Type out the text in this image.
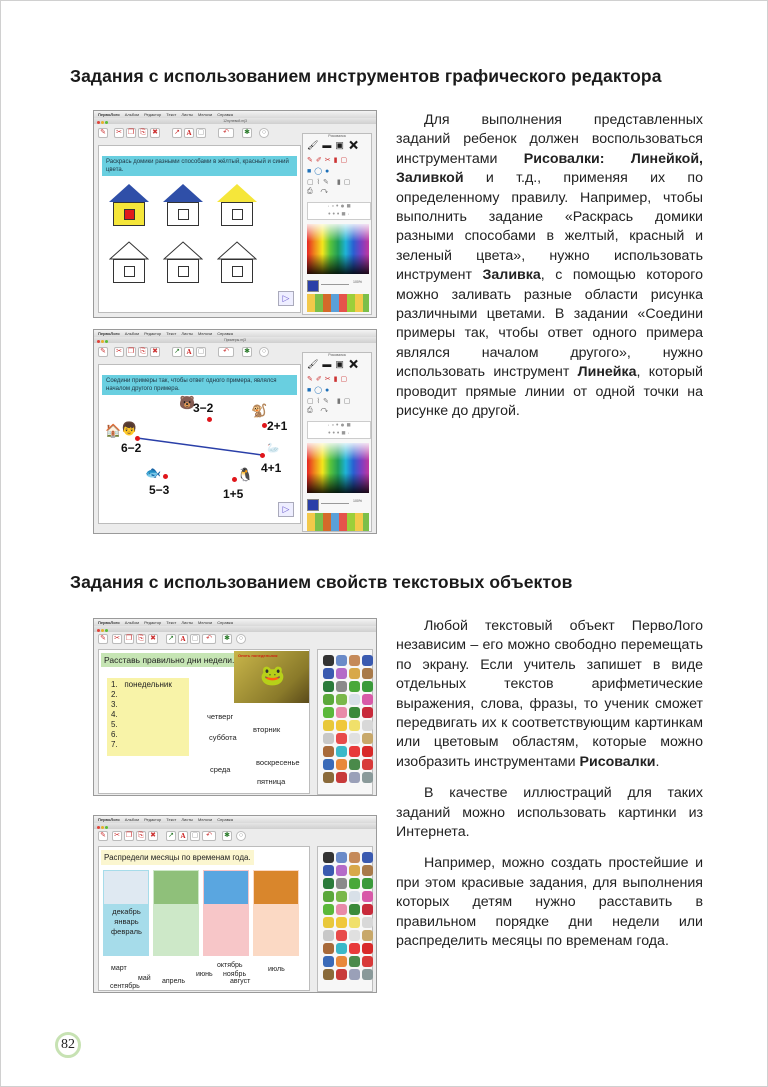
Задания с использованием инструментов графического редактора
ПервоЛого Альбом Редактор Текст Листы Мелочи Справка
12нулевой.mj3
✎ ✂ ❐ ⎘ ✖ ↗ A ▢	↶	✱	○
Раскрась домики разными способами в жёлтый, красный и синий цвета.
▷
Рисовалка
🖌▬▣✖
✎✐✂▮▢
■◯●
▢⌇✎ ▮▢
⎙ ↷
· ▫ • ● ■
• • • ■ ·
100%
ПервоЛого Альбом Редактор Текст Листы Мелочи Справка
Примеры.mj3
✎ ✂ ❐ ⎘ ✖ ↗ A ▢	↶	✱	○
Соедини примеры так, чтобы ответ одного примера, являлся началом другого примера.
🐻
3−2	🐒
2+1
🏠 👦
6−2	🦢
4+1
🐟
5−3
🐧
1+5
▷
Рисовалка
🖌▬▣✖
✎✐✂▮▢
■◯●
▢⌇✎ ▮▢
⎙ ↷
· ▫ • ● ■
• • • ■ ·
100%

Для выполнения представленных заданий ребенок должен воспользоваться инструментами Рисовалки: Линейкой, Заливкой и т.д., применяя их по определенному правилу. Например, чтобы выполнить задание «Раскрась домики разными способами в желтый, красный и зеленый цвета», нужно использовать инструмент Заливка, с помощью которого можно заливать разные области рисунка различными цветами. В задании «Соедини примеры так, чтобы ответ одного примера являлся началом другого», нужно использовать инструмент Линейка, который проводит прямые линии от одной точки на рисунке до другой.

Задания с использованием свойств текстовых объектов
ПервоЛого Альбом Редактор Текст Листы Мелочи Справка
✎ ✂ ❐ ⎘ ✖ ↗ A ▢	↶	✱	○
Расставь правильно дни недели.
🐸
Опять понедельник
1. понедельник
2.
3.
4.
5.
6.
7.
четверг
вторник
суббота
воскресенье
среда
пятница

ПервоЛого Альбом Редактор Текст Листы Мелочи Справка
✎ ✂ ❐ ⎘ ✖ ↗ A ▢	↶	✱	○
Распредели месяцы по временам года.
декабрь
январь
февраль
март	октябрь
июль
июнь ноябрь
май апрель	август
сентябрь

Любой текстовый объект ПервоЛого независим – его можно свободно перемещать по экрану. Если учитель запишет в виде отдельных текстов арифметические выражения, слова, фразы, то ученик сможет передвигать их к соответствующим картинкам или цветовым областям, которые можно изобразить инструментами Рисовалки.

В качестве иллюстраций для таких заданий можно использовать картинки из Интернета.

Например, можно создать простейшие и при этом красивые задания, для выполнения которых детям нужно расставить в правильном порядке дни недели или распределить месяцы по временам года.

82
